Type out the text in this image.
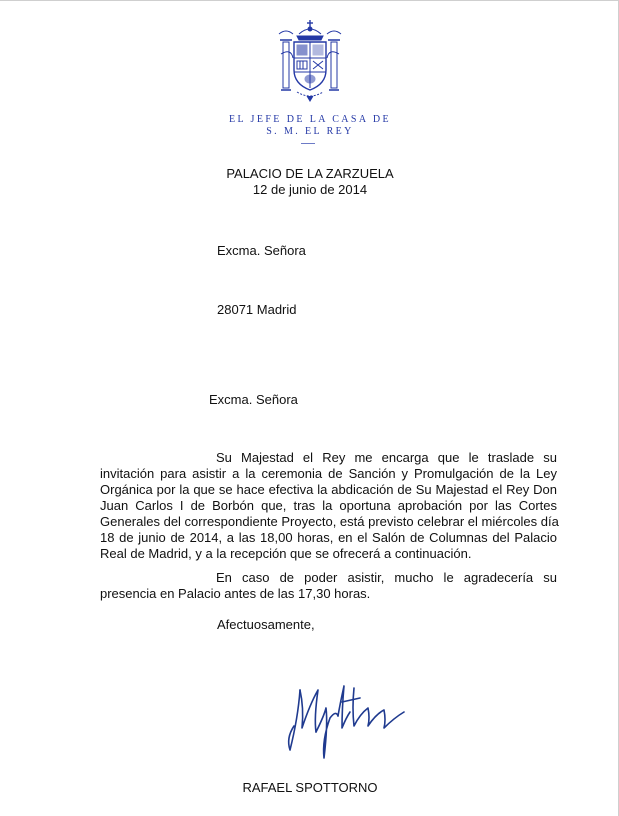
EL JEFE DE LA CASA DE
S. M. EL REY
PALACIO DE LA ZARZUELA
12 de junio de 2014
Excma. Señora
28071 Madrid
Excma. Señora
Su Majestad el Rey me encarga que le traslade su
invitación para asistir a la ceremonia de Sanción y Promulgación de la Ley
Orgánica por la que se hace efectiva la abdicación de Su Majestad el Rey Don
Juan Carlos I de Borbón que, tras la oportuna aprobación por las Cortes
Generales del correspondiente Proyecto, está previsto celebrar el miércoles día
18 de junio de 2014, a las 18,00 horas, en el Salón de Columnas del Palacio
Real de Madrid, y a la recepción que se ofrecerá a continuación.
En caso de poder asistir, mucho le agradecería su
presencia en Palacio antes de las 17,30 horas.
Afectuosamente,
RAFAEL SPOTTORNO
